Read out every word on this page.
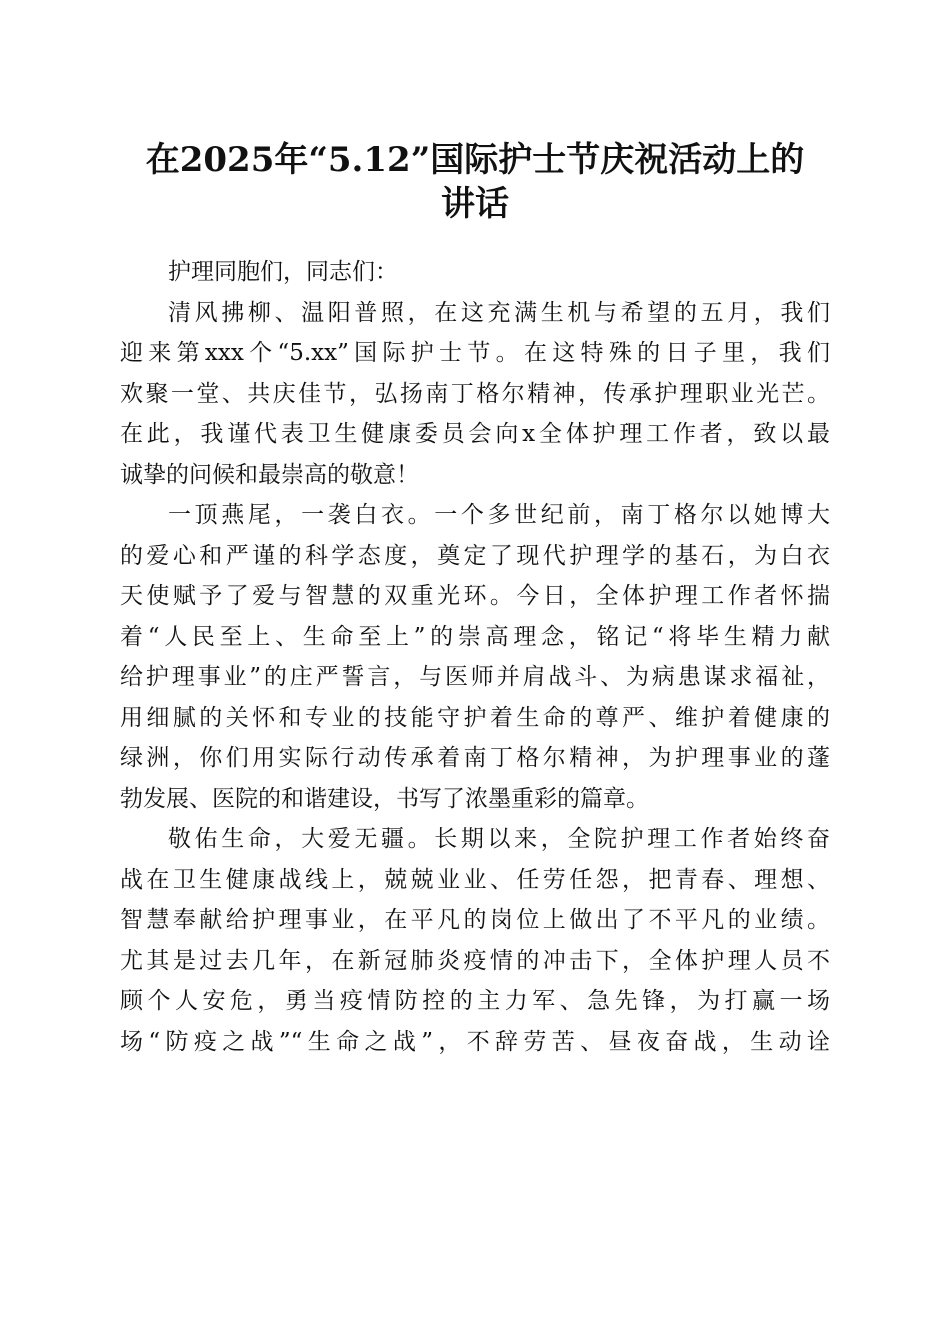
在2025年“5.12”国际护士节庆祝活动上的
讲话
护理同胞们，同志们：
清风拂柳、温阳普照，在这充满生机与希望的五月，我们
迎来第xxx个“5.xx”国际护士节。在这特殊的日子里，我们
欢聚一堂、共庆佳节，弘扬南丁格尔精神，传承护理职业光芒。
在此，我谨代表卫生健康委员会向x全体护理工作者，致以最
诚挚的问候和最崇高的敬意！
一顶燕尾，一袭白衣。一个多世纪前，南丁格尔以她博大
的爱心和严谨的科学态度，奠定了现代护理学的基石，为白衣
天使赋予了爱与智慧的双重光环。今日，全体护理工作者怀揣
着“人民至上、生命至上”的崇高理念，铭记“将毕生精力献
给护理事业”的庄严誓言，与医师并肩战斗、为病患谋求福祉，
用细腻的关怀和专业的技能守护着生命的尊严、维护着健康的
绿洲，你们用实际行动传承着南丁格尔精神，为护理事业的蓬
勃发展、医院的和谐建设，书写了浓墨重彩的篇章。
敬佑生命，大爱无疆。长期以来，全院护理工作者始终奋
战在卫生健康战线上，兢兢业业、任劳任怨，把青春、理想、
智慧奉献给护理事业，在平凡的岗位上做出了不平凡的业绩。
尤其是过去几年，在新冠肺炎疫情的冲击下，全体护理人员不
顾个人安危，勇当疫情防控的主力军、急先锋，为打赢一场
场“防疫之战”“生命之战”，不辞劳苦、昼夜奋战，生动诠
